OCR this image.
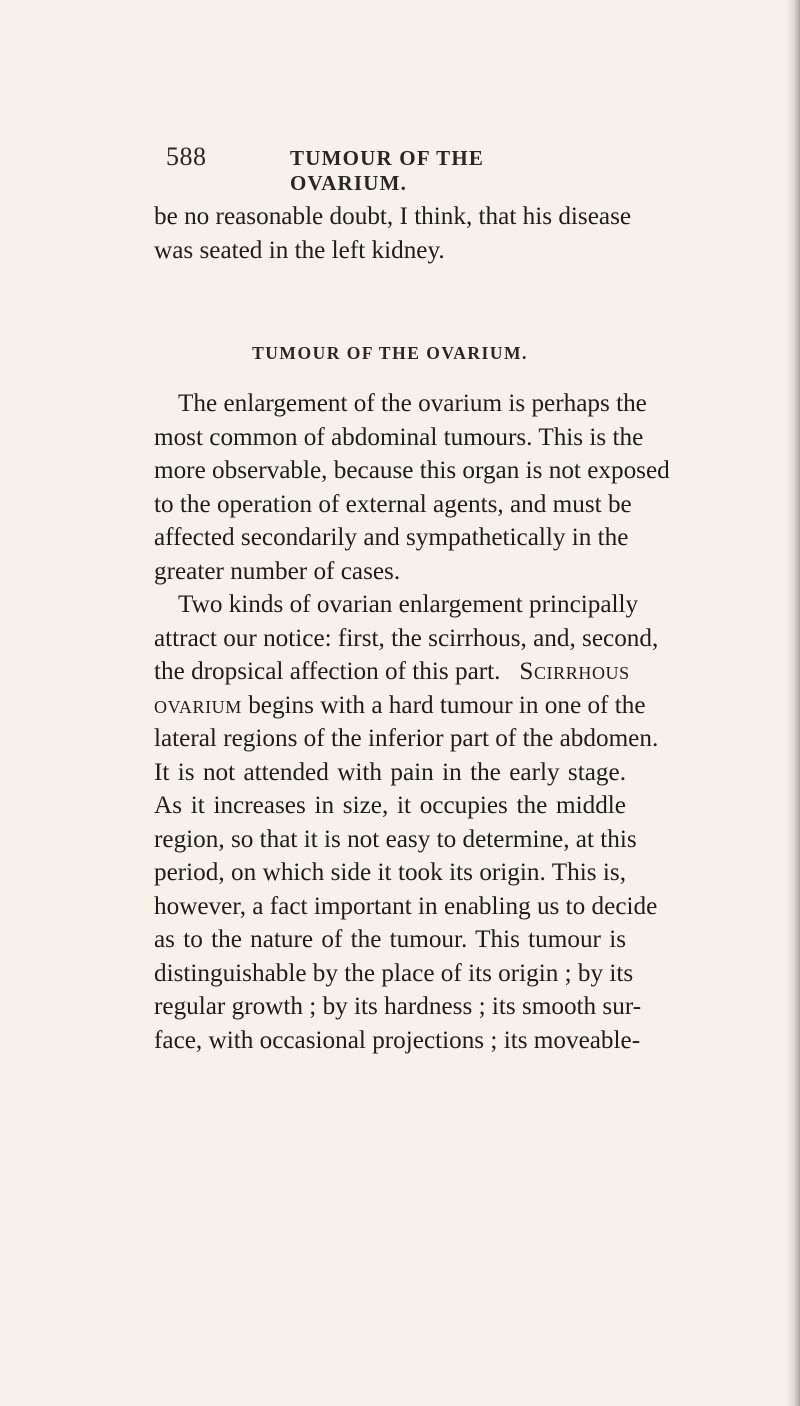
588	TUMOUR OF THE OVARIUM.
be no reasonable doubt, I think, that his disease
was seated in the left kidney.
TUMOUR OF THE OVARIUM.
The enlargement of the ovarium is perhaps the
most common of abdominal tumours. This is the
more observable, because this organ is not exposed
to the operation of external agents, and must be
affected secondarily and sympathetically in the
greater number of cases.
Two kinds of ovarian enlargement principally
attract our notice: first, the scirrhous, and, second,
the dropsical affection of this part. Scirrhous
ovarium begins with a hard tumour in one of the
lateral regions of the inferior part of the abdomen.
It is not attended with pain in the early stage.
As it increases in size, it occupies the middle
region, so that it is not easy to determine, at this
period, on which side it took its origin. This is,
however, a fact important in enabling us to decide
as to the nature of the tumour. This tumour is
distinguishable by the place of its origin ; by its
regular growth ; by its hardness ; its smooth sur-
face, with occasional projections ; its moveable-
